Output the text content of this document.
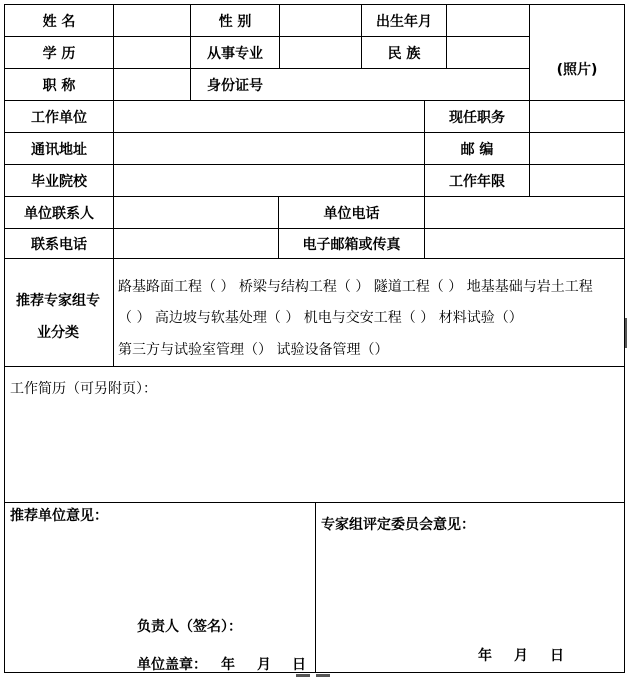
姓 名	性 别	出生年月
(照片)
学 历	从事专业	民 族
职 称	身份证号
工作单位	现任职务
通讯地址	邮 编
毕业院校	工作年限
单位联系人	单位电话
联系电话	电子邮箱或传真
推荐专家组专
业分类
路基路面工程（ ） 桥梁与结构工程（ ） 隧道工程（ ） 地基基础与岩土工程
（ ） 高边坡与软基处理（ ） 机电与交安工程（ ） 材料试验（）
第三方与试验室管理（） 试验设备管理（）
工作简历（可另附页）：
推荐单位意见：
负责人（签名）：
单位盖章： 年 月 日
专家组评定委员会意见：
年 月 日
